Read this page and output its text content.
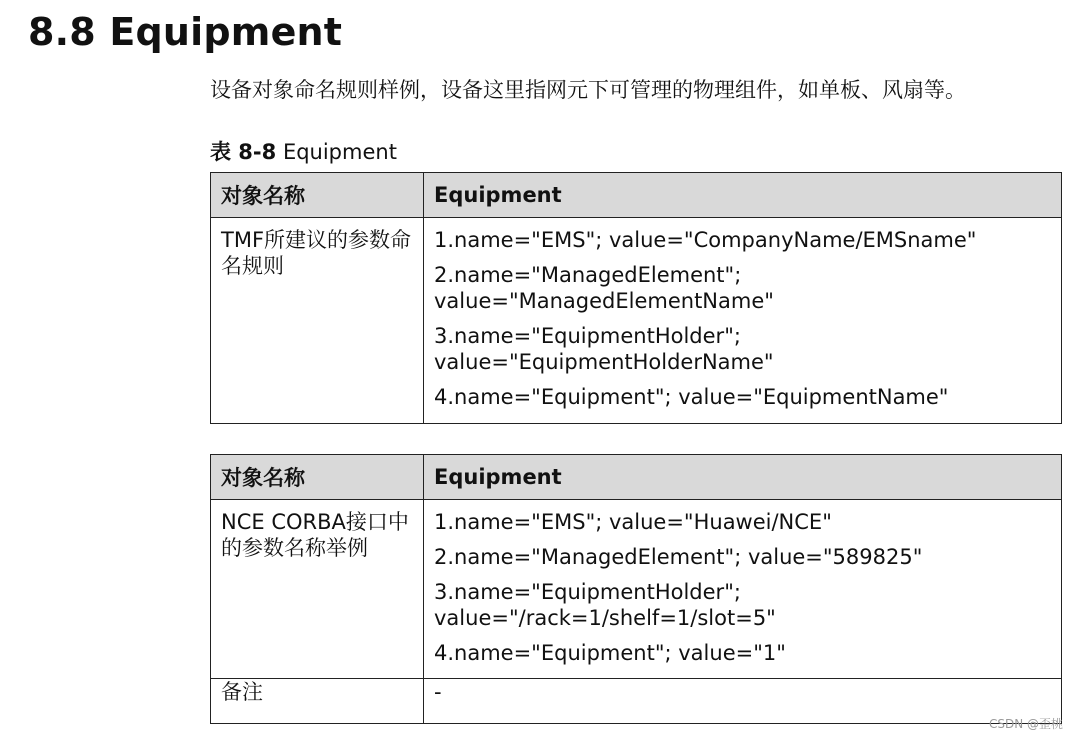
8.8 Equipment
设备对象命名规则样例，设备这里指网元下可管理的物理组件，如单板、风扇等。
表 8-8 Equipment
对象名称	Equipment

TMF所建议的参数命名规则	1.name="EMS"; value="CompanyName/EMSname"
2.name="ManagedElement"; value="ManagedElementName"
3.name="EquipmentHolder"; value="EquipmentHolderName"
4.name="Equipment"; value="EquipmentName"
对象名称	Equipment

NCE CORBA接口中的参数名称举例	1.name="EMS"; value="Huawei/NCE"
2.name="ManagedElement"; value="589825"
3.name="EquipmentHolder"; value="/rack=1/shelf=1/slot=5"
4.name="Equipment"; value="1"

备注	-
CSDN @歪桃
